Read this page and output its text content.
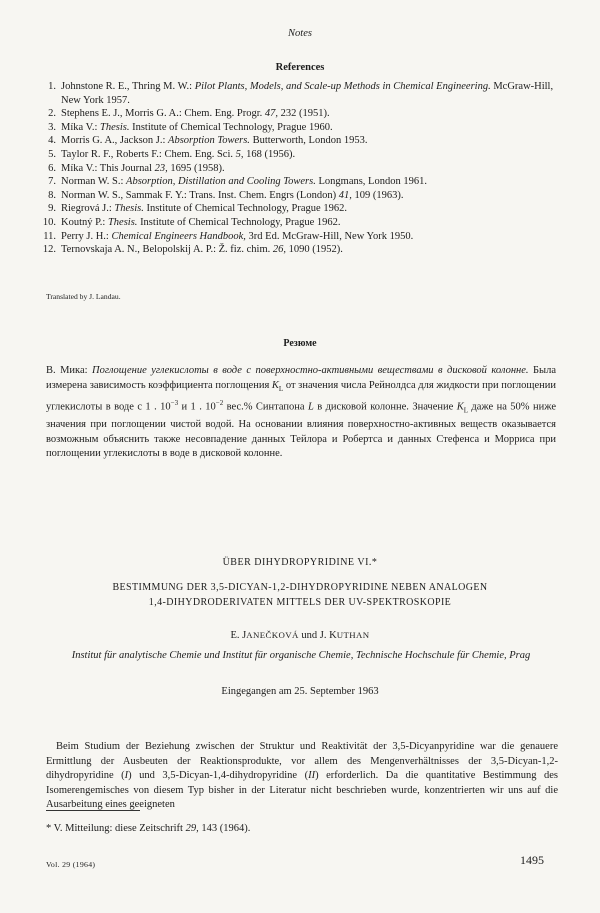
Notes
References
1. Johnstone R. E., Thring M. W.: Pilot Plants, Models, and Scale-up Methods in Chemical Engineering. McGraw-Hill, New York 1957.
2. Stephens E. J., Morris G. A.: Chem. Eng. Progr. 47, 232 (1951).
3. Míka V.: Thesis. Institute of Chemical Technology, Prague 1960.
4. Morris G. A., Jackson J.: Absorption Towers. Butterworth, London 1953.
5. Taylor R. F., Roberts F.: Chem. Eng. Sci. 5, 168 (1956).
6. Míka V.: This Journal 23, 1695 (1958).
7. Norman W. S.: Absorption, Distillation and Cooling Towers. Longmans, London 1961.
8. Norman W. S., Sammak F. Y.: Trans. Inst. Chem. Engrs (London) 41, 109 (1963).
9. Riegrová J.: Thesis. Institute of Chemical Technology, Prague 1962.
10. Koutný P.: Thesis. Institute of Chemical Technology, Prague 1962.
11. Perry J. H.: Chemical Engineers Handbook, 3rd Ed. McGraw-Hill, New York 1950.
12. Ternovskaja A. N., Belopolskij A. P.: Ž. fiz. chim. 26, 1090 (1952).
Translated by J. Landau.
Резюме
В. Мика: Поглощение углекислоты в воде с поверхностно-активными веществами в дисковой колонне. Была измерена зависимость коэффициента поглощения $K_L$ от значения числа Рейнолдса для жидкости при поглощении углекислоты в воде с 1 . $10^{-3}$ и 1 . $10^{-2}$ вес.% Синтапона L в дисковой колонне. Значение $K_L$ даже на 50% ниже значения при поглощении чистой водой. На основании влияния поверхностно-активных веществ оказывается возможным объяснить также несовпадение данных Тейлора и Робертса и данных Стефенса и Морриса при поглощении углекислоты в воде в дисковой колонне.
ÜBER DIHYDROPYRIDINE VI.*
BESTIMMUNG DER 3,5-DICYAN-1,2-DIHYDROPYRIDINE NEBEN ANALOGEN
1,4-DIHYDRODERIVATEN MITTELS DER UV-SPEKTROSKOPIE
E. JANEČKOVÁ und J. KUTHAN
Institut für analytische Chemie und Institut für organische Chemie, Technische Hochschule für Chemie, Prag
Eingegangen am 25. September 1963
Beim Studium der Beziehung zwischen der Struktur und Reaktivität der 3,5-Dicyanpyridine war die genauere Ermittlung der Ausbeuten der Reaktionsprodukte, vor allem des Mengenverhältnisses der 3,5-Dicyan-1,2-dihydropyridine (I) und 3,5-Dicyan-1,4-dihydropyridine (II) erforderlich. Da die quantitative Bestimmung des Isomerengemisches von diesem Typ bisher in der Literatur nicht beschrieben wurde, konzentrierten wir uns auf die Ausarbeitung eines geeigneten
* V. Mitteilung: diese Zeitschrift 29, 143 (1964).
Vol. 29 (1964)	1495
